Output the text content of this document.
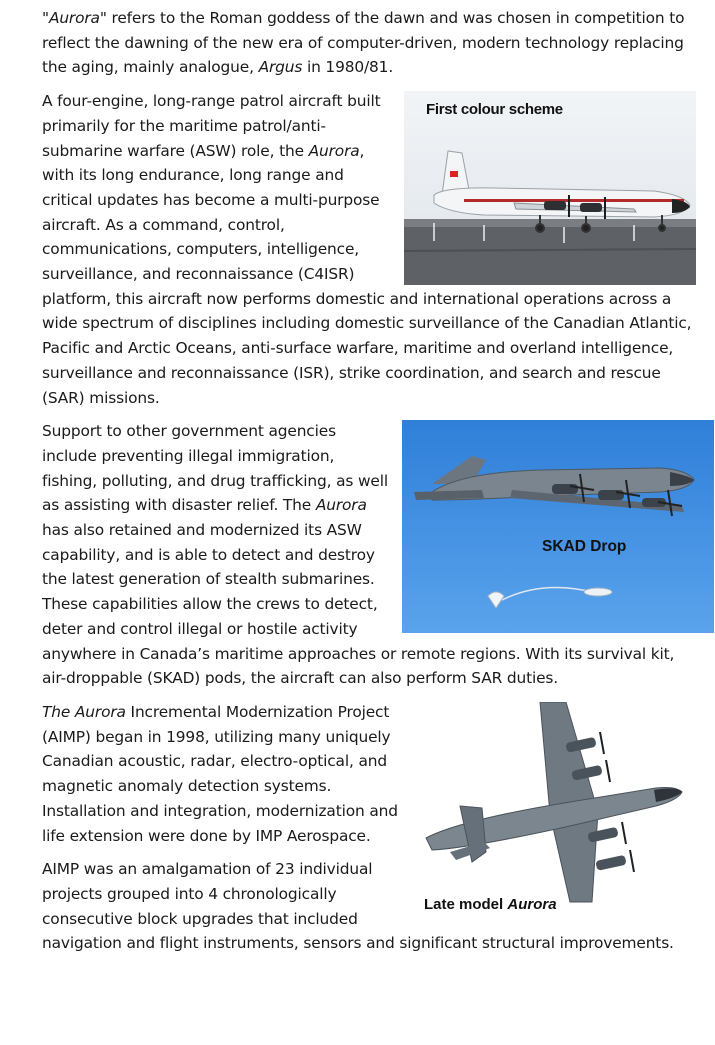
"Aurora" refers to the Roman goddess of the dawn and was chosen in competition to reflect the dawning of the new era of computer-driven, modern technology replacing the aging, mainly analogue, Argus in 1980/81.

First colour scheme

A four-engine, long-range patrol aircraft built primarily for the maritime patrol/anti-submarine warfare (ASW) role, the Aurora, with its long endurance, long range and critical updates has become a multi-purpose aircraft. As a command, control, communications, computers, intelligence, surveillance, and reconnaissance (C4ISR) platform, this aircraft now performs domestic and international operations across a wide spectrum of disciplines including domestic surveillance of the Canadian Atlantic, Pacific and Arctic Oceans, anti-surface warfare, maritime and overland intelligence, surveillance and reconnaissance (ISR), strike coordination, and search and rescue (SAR) missions.

SKAD Drop

Support to other government agencies include preventing illegal immigration, fishing, polluting, and drug trafficking, as well as assisting with disaster relief. The Aurora has also retained and modernized its ASW capability, and is able to detect and destroy the latest generation of stealth submarines. These capabilities allow the crews to detect, deter and control illegal or hostile activity anywhere in Canada’s maritime approaches or remote regions. With its survival kit, air-droppable (SKAD) pods, the aircraft can also perform SAR duties.

Late model Aurora

The Aurora Incremental Modernization Project (AIMP) began in 1998, utilizing many uniquely Canadian acoustic, radar, electro-optical, and magnetic anomaly detection systems. Installation and integration, modernization and life extension were done by IMP Aerospace.

AIMP was an amalgamation of 23 individual projects grouped into 4 chronologically consecutive block upgrades that included navigation and flight instruments, sensors and significant structural improvements.
